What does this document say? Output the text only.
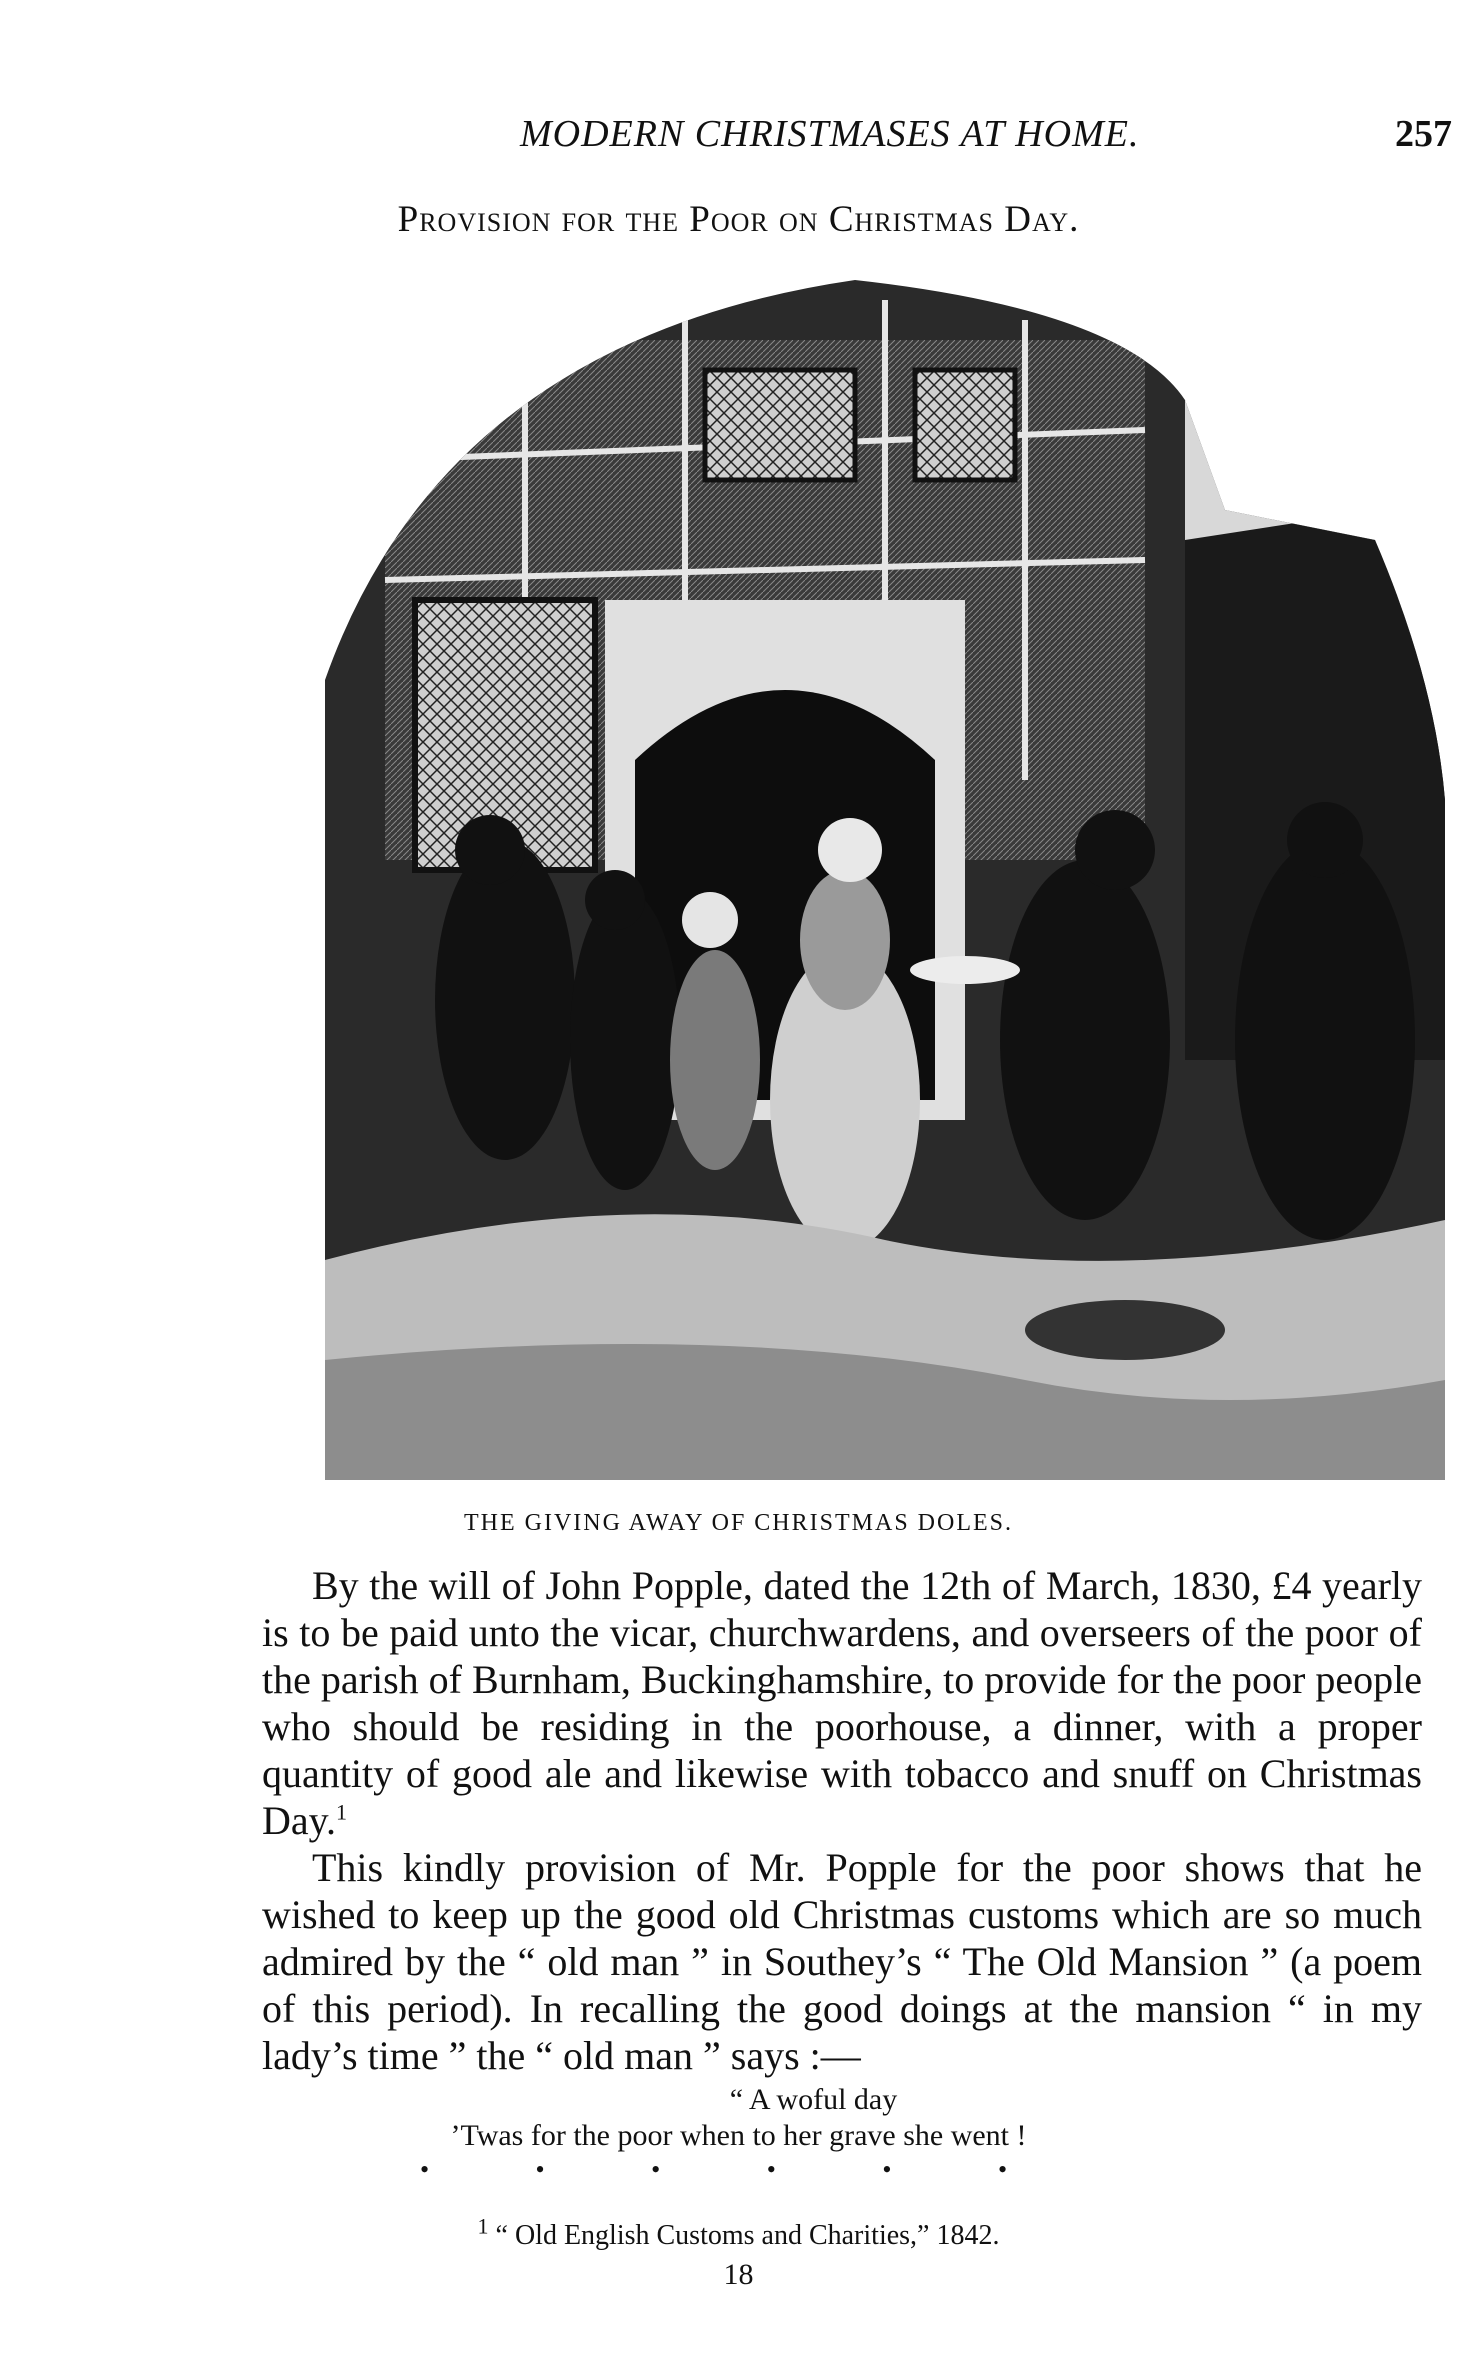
MODERN CHRISTMASES AT HOME.	257
Provision for the Poor on Christmas Day.
THE GIVING AWAY OF CHRISTMAS DOLES.

By the will of John Popple, dated the 12th of March, 1830, £4 yearly is to be paid unto the vicar, churchwardens, and overseers of the poor of the parish of Burnham, Buckinghamshire, to provide for the poor people who should be residing in the poorhouse, a dinner, with a proper quantity of good ale and likewise with tobacco and snuff on Christmas Day.$^1$

This kindly provision of Mr. Popple for the poor shows that he wished to keep up the good old Christmas customs which are so much admired by the “ old man ” in Southey’s “ The Old Mansion ” (a poem of this period). In recalling the good doings at the mansion “ in my lady’s time ” the “ old man ” says :—

“ A woful day
’Twas for the poor when to her grave she went !
• • • • • •
$^1$ “ Old English Customs and Charities,” 1842.
18
